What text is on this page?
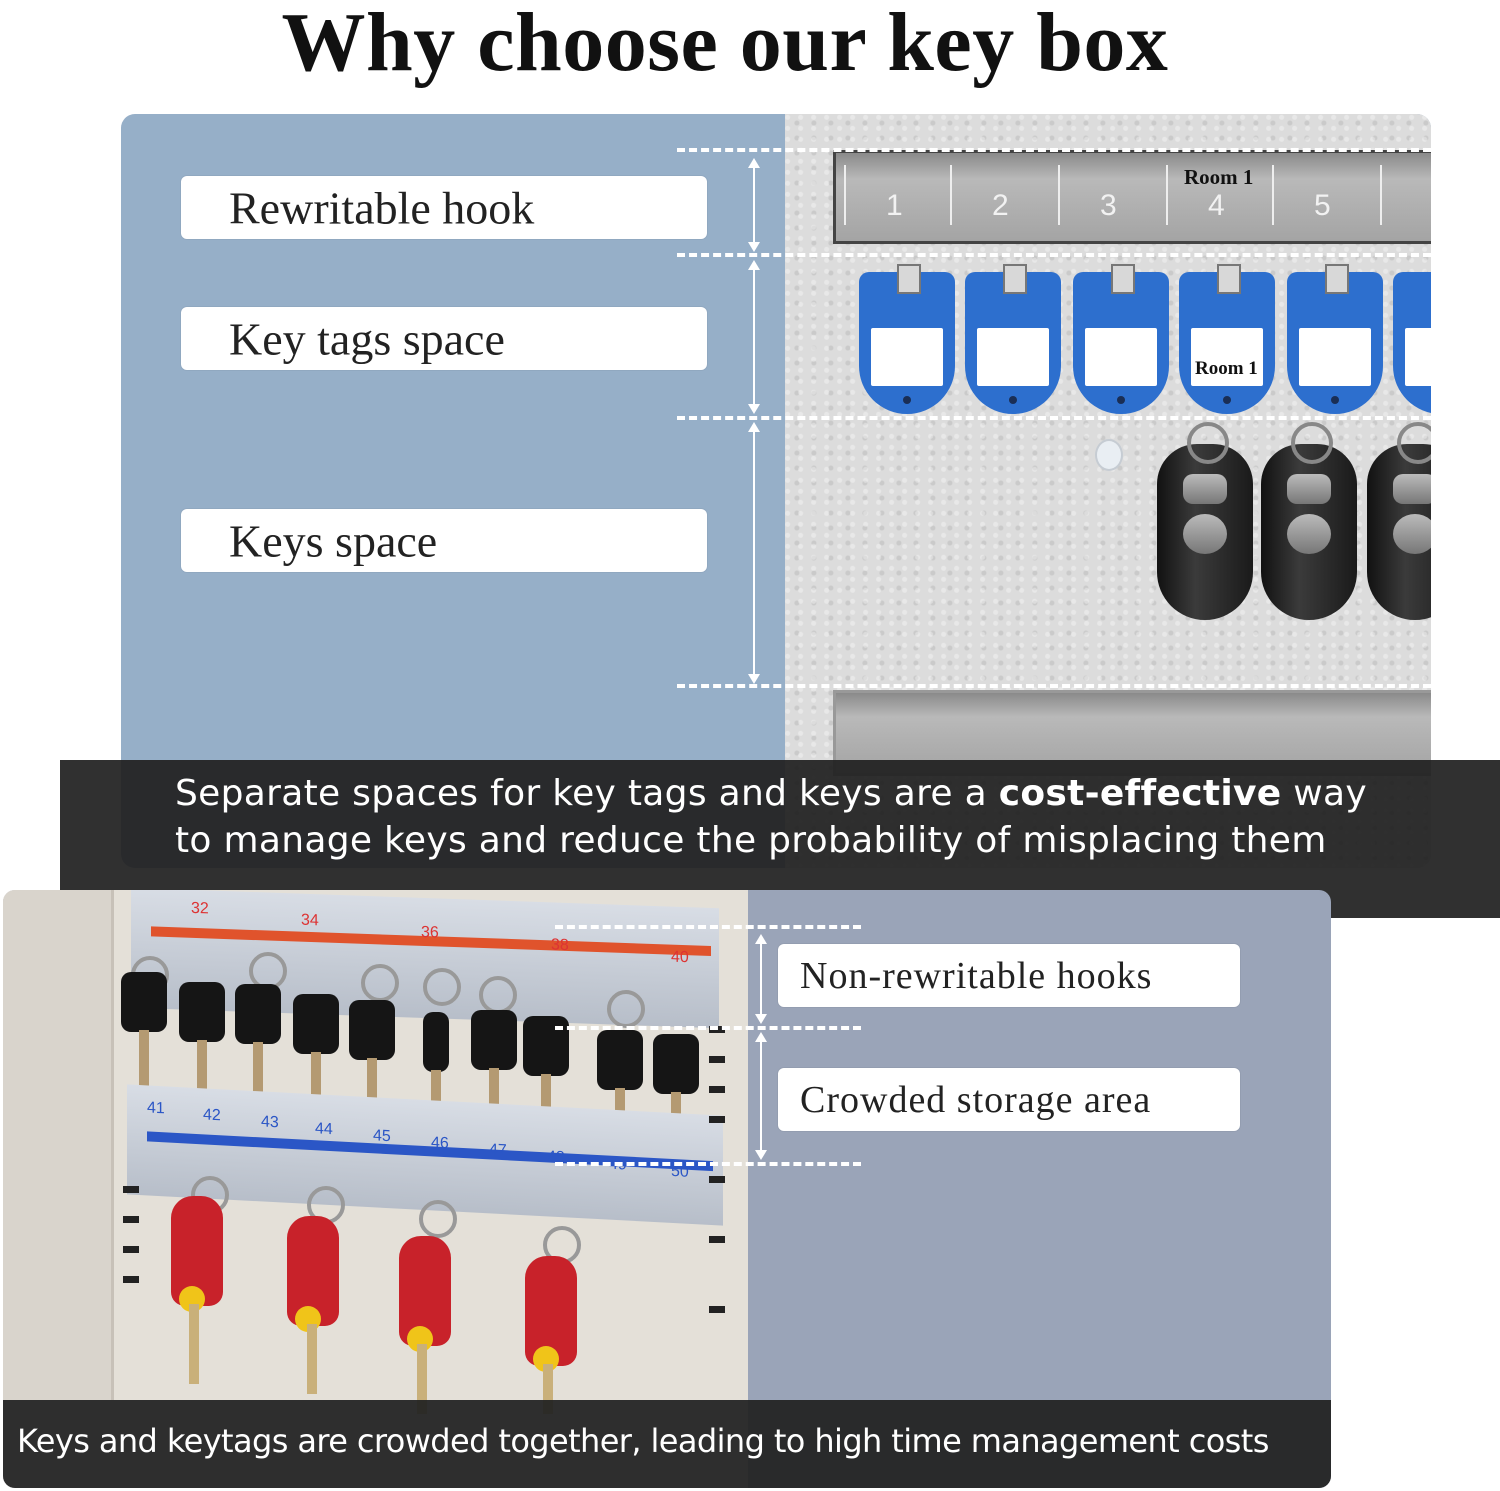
Why choose our key box
1	2	3
Room 1
4	5
Room 1
Rewritable hook
Key tags space
Keys space
Separate spaces for key tags and keys are a cost-effective way to manage keys and reduce the probability of misplacing them
32
34
36
38
40
41 42	43 44	45	46	47	48	49	50
Keys and keytags are crowded together, leading to high time management costs
Non-rewritable hooks
Crowded storage area
